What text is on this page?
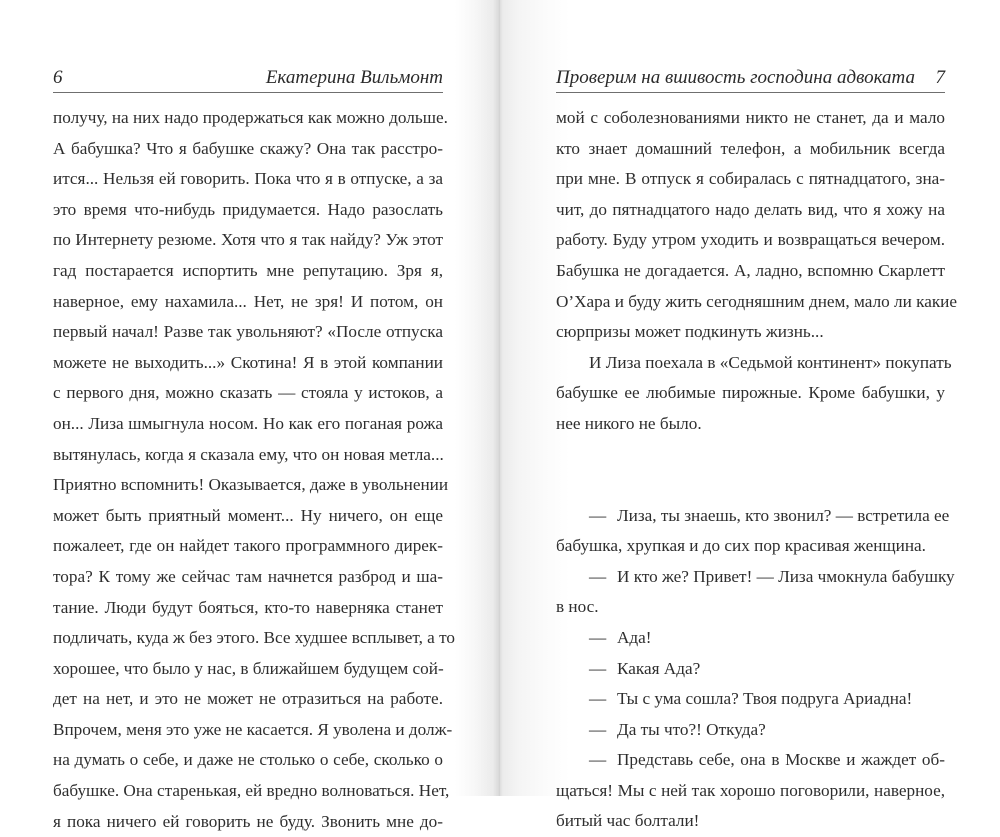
6	Екатерина Вильмонт
получу, на них надо продержаться как можно дольше.
А бабушка? Что я бабушке скажу? Она так расстро-
ится... Нельзя ей говорить. Пока что я в отпуске, а за
это время что-нибудь придумается. Надо разослать
по Интернету резюме. Хотя что я так найду? Уж этот
гад постарается испортить мне репутацию. Зря я,
наверное, ему нахамила... Нет, не зря! И потом, он
первый начал! Разве так увольняют? «После отпуска
можете не выходить...» Скотина! Я в этой компании
с первого дня, можно сказать — стояла у истоков, а
он... Лиза шмыгнула носом. Но как его поганая рожа
вытянулась, когда я сказала ему, что он новая метла...
Приятно вспомнить! Оказывается, даже в увольнении
может быть приятный момент... Ну ничего, он еще
пожалеет, где он найдет такого программного дирек-
тора? К тому же сейчас там начнется разброд и ша-
тание. Люди будут бояться, кто-то наверняка станет
подличать, куда ж без этого. Все худшее всплывет, а то
хорошее, что было у нас, в ближайшем будущем сой-
дет на нет, и это не может не отразиться на работе.
Впрочем, меня это уже не касается. Я уволена и долж-
на думать о себе, и даже не столько о себе, сколько о
бабушке. Она старенькая, ей вредно волноваться. Нет,
я пока ничего ей говорить не буду. Звонить мне до-
Проверим на вшивость господина адвоката 7
мой с соболезнованиями никто не станет, да и мало
кто знает домашний телефон, а мобильник всегда
при мне. В отпуск я собиралась с пятнадцатого, зна-
чит, до пятнадцатого надо делать вид, что я хожу на
работу. Буду утром уходить и возвращаться вечером.
Бабушка не догадается. А, ладно, вспомню Скарлетт
О’Хара и буду жить сегодняшним днем, мало ли какие
сюрпризы может подкинуть жизнь...
И Лиза поехала в «Седьмой континент» покупать
бабушке ее любимые пирожные. Кроме бабушки, у
нее никого не было.
— Лиза, ты знаешь, кто звонил? — встретила ее
бабушка, хрупкая и до сих пор красивая женщина.
— И кто же? Привет! — Лиза чмокнула бабушку
в нос.
— Ада!
— Какая Ада?
— Ты с ума сошла? Твоя подруга Ариадна!
— Да ты что?! Откуда?
— Представь себе, она в Москве и жаждет об-
щаться! Мы с ней так хорошо поговорили, наверное,
битый час болтали!
